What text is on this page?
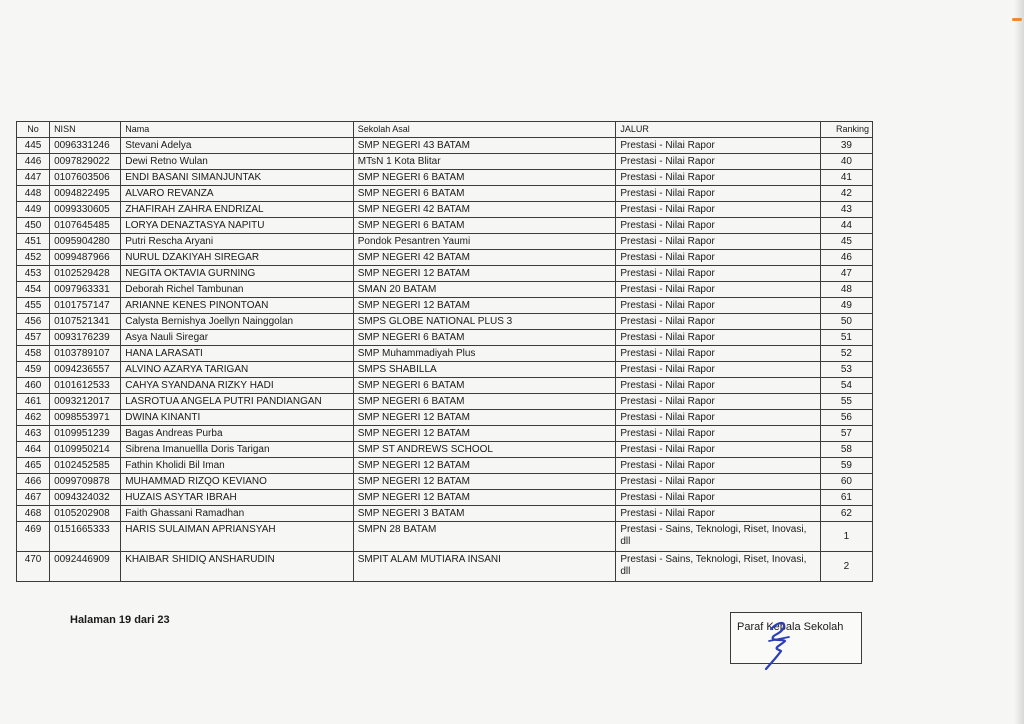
No	NISN	Nama	Sekolah Asal	JALUR	Ranking
445	0096331246	Stevani Adelya	SMP NEGERI 43 BATAM	Prestasi - Nilai Rapor	39
446	0097829022	Dewi Retno Wulan	MTsN 1 Kota Blitar	Prestasi - Nilai Rapor	40
447	0107603506	ENDI BASANI SIMANJUNTAK	SMP NEGERI 6 BATAM	Prestasi - Nilai Rapor	41
448	0094822495	ALVARO REVANZA	SMP NEGERI 6 BATAM	Prestasi - Nilai Rapor	42
449	0099330605	ZHAFIRAH ZAHRA ENDRIZAL	SMP NEGERI 42 BATAM	Prestasi - Nilai Rapor	43
450	0107645485	LORYA DENAZTASYA NAPITU	SMP NEGERI 6 BATAM	Prestasi - Nilai Rapor	44
451	0095904280	Putri Rescha Aryani	Pondok Pesantren Yaumi	Prestasi - Nilai Rapor	45
452	0099487966	NURUL DZAKIYAH SIREGAR	SMP NEGERI 42 BATAM	Prestasi - Nilai Rapor	46
453	0102529428	NEGITA OKTAVIA GURNING	SMP NEGERI 12 BATAM	Prestasi - Nilai Rapor	47
454	0097963331	Deborah Richel Tambunan	SMAN 20 BATAM	Prestasi - Nilai Rapor	48
455	0101757147	ARIANNE KENES PINONTOAN	SMP NEGERI 12 BATAM	Prestasi - Nilai Rapor	49
456	0107521341	Calysta Bernishya Joellyn Nainggolan	SMPS GLOBE NATIONAL PLUS 3	Prestasi - Nilai Rapor	50
457	0093176239	Asya Nauli Siregar	SMP NEGERI 6 BATAM	Prestasi - Nilai Rapor	51
458	0103789107	HANA LARASATI	SMP Muhammadiyah Plus	Prestasi - Nilai Rapor	52
459	0094236557	ALVINO AZARYA TARIGAN	SMPS SHABILLA	Prestasi - Nilai Rapor	53
460	0101612533	CAHYA SYANDANA RIZKY HADI	SMP NEGERI 6 BATAM	Prestasi - Nilai Rapor	54
461	0093212017	LASROTUA ANGELA PUTRI PANDIANGAN	SMP NEGERI 6 BATAM	Prestasi - Nilai Rapor	55
462	0098553971	DWINA KINANTI	SMP NEGERI 12 BATAM	Prestasi - Nilai Rapor	56
463	0109951239	Bagas Andreas Purba	SMP NEGERI 12 BATAM	Prestasi - Nilai Rapor	57
464	0109950214	Sibrena Imanuellla Doris Tarigan	SMP ST ANDREWS SCHOOL	Prestasi - Nilai Rapor	58
465	0102452585	Fathin Kholidi Bil Iman	SMP NEGERI 12 BATAM	Prestasi - Nilai Rapor	59
466	0099709878	MUHAMMAD RIZQO KEVIANO	SMP NEGERI 12 BATAM	Prestasi - Nilai Rapor	60
467	0094324032	HUZAIS ASYTAR IBRAH	SMP NEGERI 12 BATAM	Prestasi - Nilai Rapor	61
468	0105202908	Faith Ghassani Ramadhan	SMP NEGERI 3 BATAM	Prestasi - Nilai Rapor	62
469	0151665333	HARIS SULAIMAN APRIANSYAH	SMPN 28 BATAM	Prestasi - Sains, Teknologi, Riset, Inovasi, dll	1
470	0092446909	KHAIBAR SHIDIQ ANSHARUDIN	SMPIT ALAM MUTIARA INSANI	Prestasi - Sains, Teknologi, Riset, Inovasi, dll	2
Halaman 19 dari 23
Paraf Kepala Sekolah
